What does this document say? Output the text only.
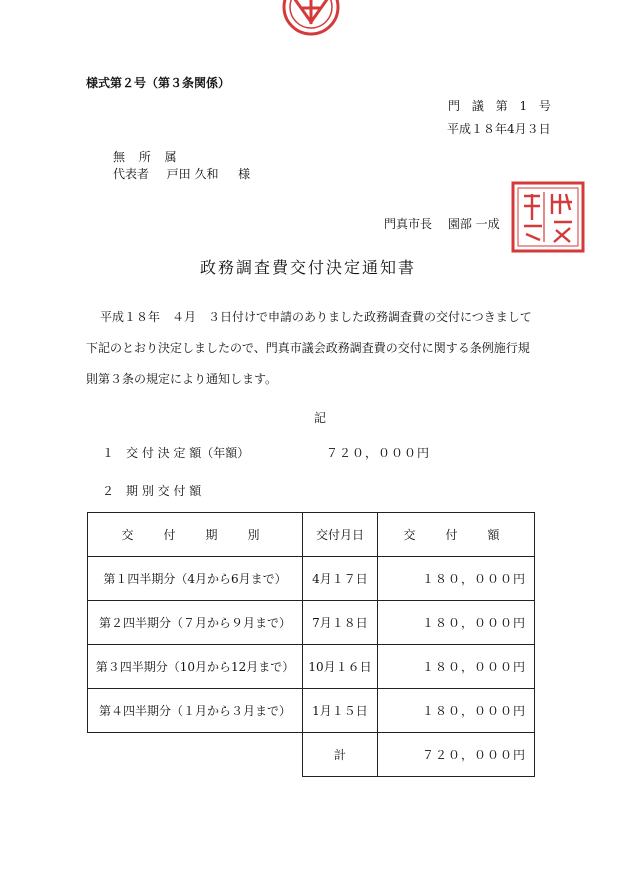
様式第２号（第３条関係）
門 議 第 1 号
平成１８年4月３日
無 所 属
代表者 戸田 久和 様
門真市長　 園部 一成
政務調査費交付決定通知書
平成１８年　４月　３日付けで申請のありました政務調査費の交付につきまして
下記のとおり決定しましたので、門真市議会政務調査費の交付に関する条例施行規
則第３条の規定により通知します。
記
１　交 付 決 定 額（年額）	７２０，０００円
２　期 別 交 付 額
交　付　期　別	交付月日	交　付　額
第１四半期分（4月から6月まで）	4月１７日	１８０，０００円
第２四半期分（７月から９月まで）	7月１８日	１８０，０００円
第３四半期分（10月から12月まで）	10月１６日	１８０，０００円
第４四半期分（１月から３月まで）	1月１５日	１８０，０００円
	計	７２０，０００円
